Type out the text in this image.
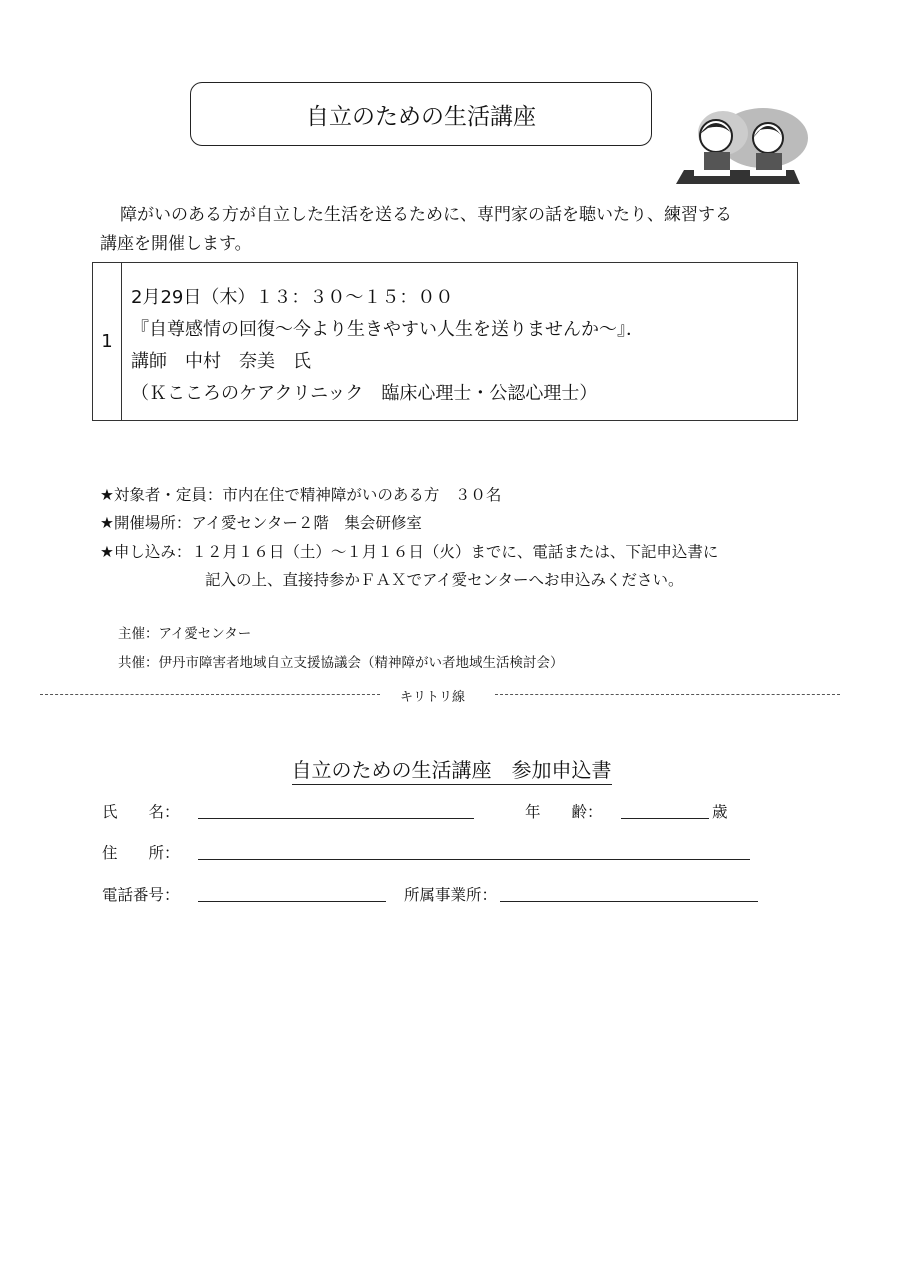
自立のための生活講座
障がいのある方が自立した生活を送るために、専門家の話を聴いたり、練習する
講座を開催します。
1
2月29日（木）１３：３０～１５：００
『自尊感情の回復～今より生きやすい人生を送りませんか～』．
講師　中村　奈美　氏
（Ｋこころのケアクリニック　臨床心理士・公認心理士）
★対象者・定員：市内在住で精神障がいのある方　３０名
★開催場所：アイ愛センター２階　集会研修室
★申し込み：１２月１６日（土）～１月１６日（火）までに、電話または、下記申込書に
記入の上、直接持参かＦＡＸでアイ愛センターへお申込みください。
主催：アイ愛センター
共催：伊丹市障害者地域自立支援協議会（精神障がい者地域生活検討会）
キリトリ線
自立のための生活講座　参加申込書
氏　　名：	年　　齢：	歳
住　　所：
電話番号：	所属事業所：
